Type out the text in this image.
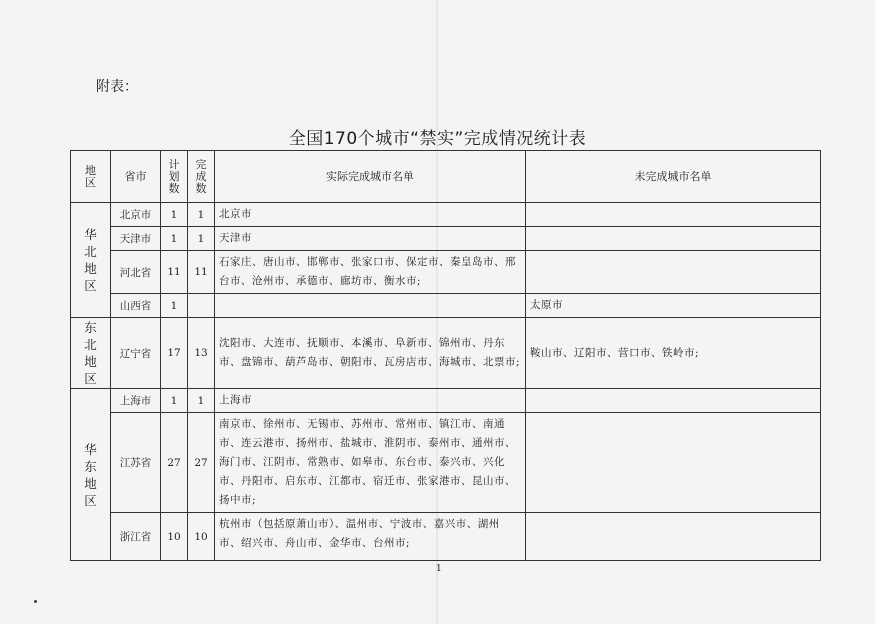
附表：
全国170个城市“禁实”完成情况统计表
地区	省市	计划数	完成数	实际完成城市名单	未完成城市名单

华北地区	北京市	1	1	北京市	
	天津市	1	1	天津市	
	河北省	11	11	石家庄、唐山市、邯郸市、张家口市、保定市、秦皇岛市、邢台市、沧州市、承德市、廊坊市、衡水市;	
	山西省	1			太原市

东北地区	辽宁省	17	13	沈阳市、大连市、抚顺市、本溪市、阜新市、锦州市、丹东市、盘锦市、葫芦岛市、朝阳市、瓦房店市、海城市、北票市;	鞍山市、辽阳市、营口市、铁岭市;

华东地区	上海市	1	1	上海市	
	江苏省	27	27	南京市、徐州市、无锡市、苏州市、常州市、镇江市、南通市、连云港市、扬州市、盐城市、淮阴市、泰州市、通州市、海门市、江阴市、常熟市、如皋市、东台市、泰兴市、兴化市、丹阳市、启东市、江都市、宿迁市、张家港市、昆山市、扬中市;	
	浙江省	10	10	杭州市（包括原萧山市）、温州市、宁波市、嘉兴市、湖州市、绍兴市、舟山市、金华市、台州市;	
1
